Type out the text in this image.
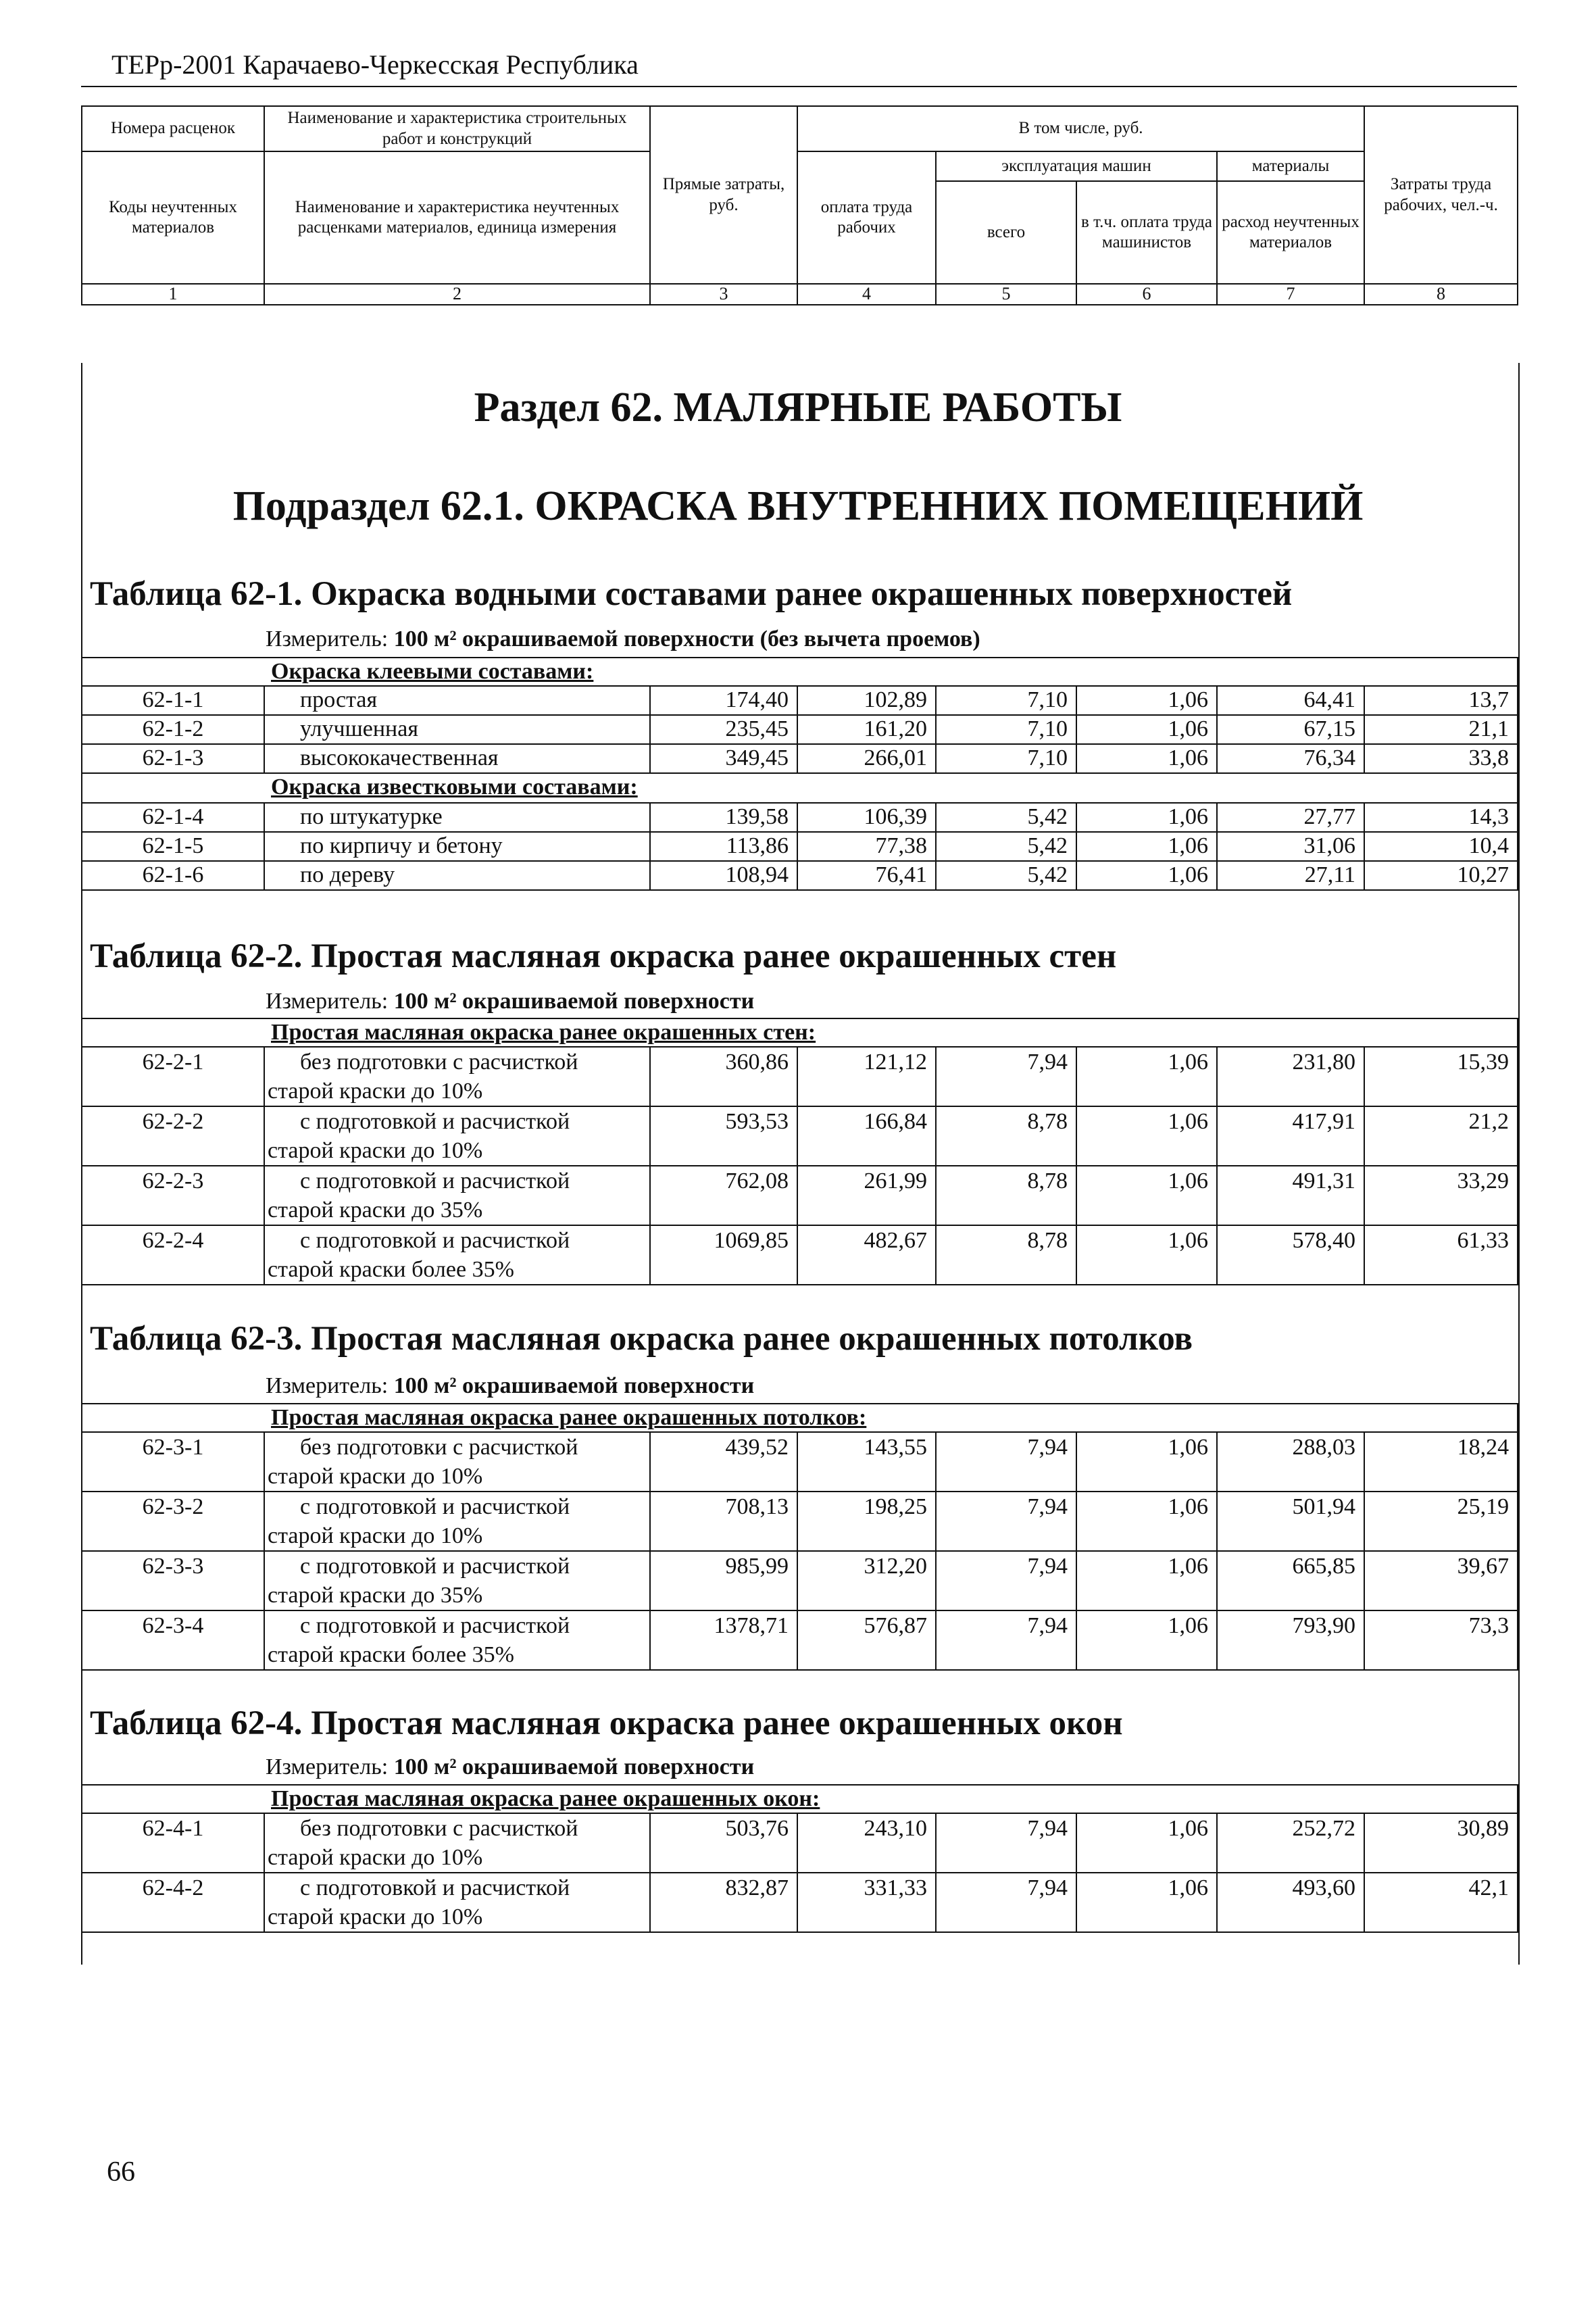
ТЕРр-2001 Карачаево-Черкесская Республика
Номера расценок	Наименование и характеристика строительных работ и конструкций	Прямые затраты, руб.	В том числе, руб.				Затраты труда рабочих, чел.-ч.
Коды неучтенных материалов	Наименование и характеристика неучтенных расценками материалов, единица измерения		оплата труда рабочих	эксплуатация машин		материалы	
				всего	в т.ч. оплата труда машинистов	расход неучтенных материалов	
1	2	3	4	5	6	7	8
Раздел 62. МАЛЯРНЫЕ РАБОТЫ
Подраздел 62.1. ОКРАСКА ВНУТРЕННИХ ПОМЕЩЕНИЙ
Таблица 62-1. Окраска водными составами ранее окрашенных поверхностей
Измеритель: 100 м² окрашиваемой поверхности (без вычета проемов)
	Окраска клеевыми составами:						
62-1-1	простая	174,40	102,89	7,10	1,06	64,41	13,7
62-1-2	улучшенная	235,45	161,20	7,10	1,06	67,15	21,1
62-1-3	высококачественная	349,45	266,01	7,10	1,06	76,34	33,8
	Окраска известковыми составами:						
62-1-4	по штукатурке	139,58	106,39	5,42	1,06	27,77	14,3
62-1-5	по кирпичу и бетону	113,86	77,38	5,42	1,06	31,06	10,4
62-1-6	по дереву	108,94	76,41	5,42	1,06	27,11	10,27
Таблица 62-2. Простая масляная окраска ранее окрашенных стен
Измеритель: 100 м² окрашиваемой поверхности
	Простая масляная окраска ранее окрашенных стен:						
62-2-1	без подготовки с расчисткой
старой краски до 10%	360,86	121,12	7,94	1,06	231,80	15,39
62-2-2	с подготовкой и расчисткой
старой краски до 10%	593,53	166,84	8,78	1,06	417,91	21,2
62-2-3	с подготовкой и расчисткой
старой краски до 35%	762,08	261,99	8,78	1,06	491,31	33,29
62-2-4	с подготовкой и расчисткой
старой краски более 35%	1069,85	482,67	8,78	1,06	578,40	61,33
Таблица 62-3. Простая масляная окраска ранее окрашенных потолков
Измеритель: 100 м² окрашиваемой поверхности
	Простая масляная окраска ранее окрашенных потолков:						
62-3-1	без подготовки с расчисткой
старой краски до 10%	439,52	143,55	7,94	1,06	288,03	18,24
62-3-2	с подготовкой и расчисткой
старой краски до 10%	708,13	198,25	7,94	1,06	501,94	25,19
62-3-3	с подготовкой и расчисткой
старой краски до 35%	985,99	312,20	7,94	1,06	665,85	39,67
62-3-4	с подготовкой и расчисткой
старой краски более 35%	1378,71	576,87	7,94	1,06	793,90	73,3
Таблица 62-4. Простая масляная окраска ранее окрашенных окон
Измеритель: 100 м² окрашиваемой поверхности
	Простая масляная окраска ранее окрашенных окон:						
62-4-1	без подготовки с расчисткой
старой краски до 10%	503,76	243,10	7,94	1,06	252,72	30,89
62-4-2	с подготовкой и расчисткой
старой краски до 10%	832,87	331,33	7,94	1,06	493,60	42,1
66
